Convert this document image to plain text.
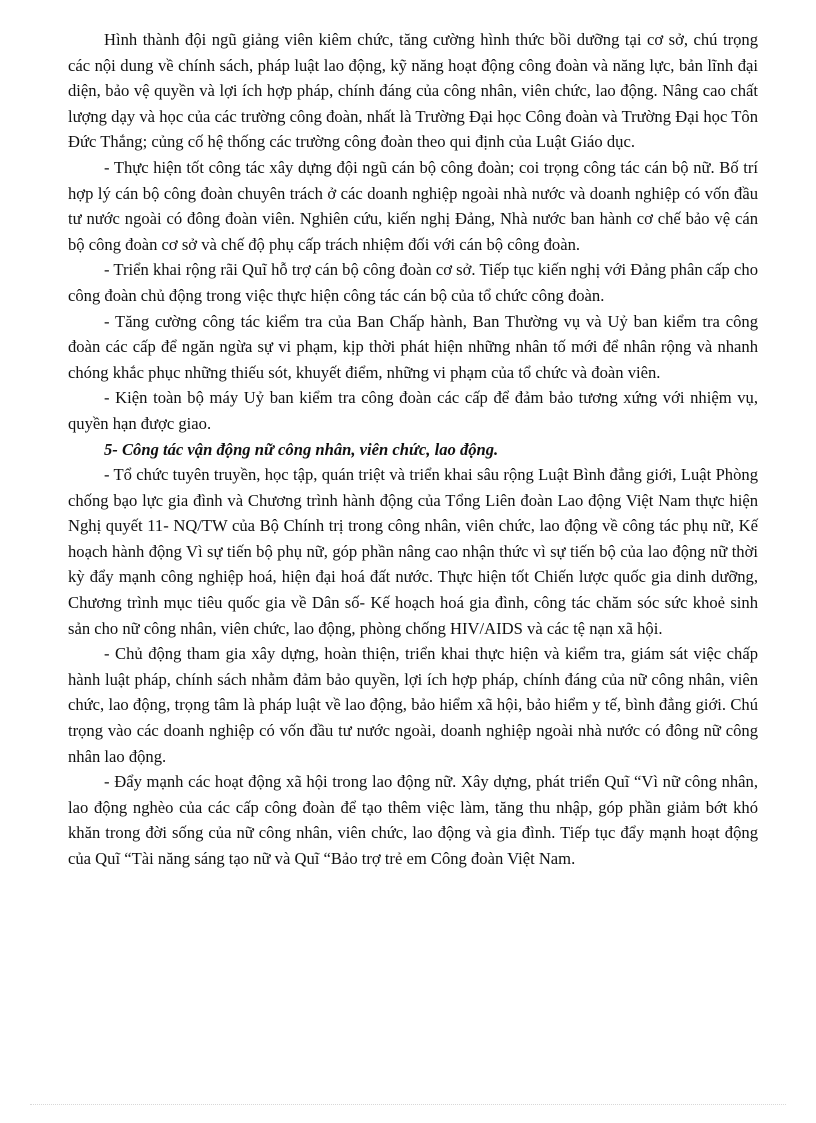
Hình thành đội ngũ giảng viên kiêm chức, tăng cường hình thức bồi dưỡng tại cơ sở, chú trọng các nội dung về chính sách, pháp luật lao động, kỹ năng hoạt động công đoàn và năng lực, bản lĩnh đại diện, bảo vệ quyền và lợi ích hợp pháp, chính đáng của công nhân, viên chức, lao động. Nâng cao chất lượng dạy và học của các trường công đoàn, nhất là Trường Đại học Công đoàn và Trường Đại học Tôn Đức Thắng; củng cố hệ thống các trường công đoàn theo qui định của Luật Giáo dục.

- Thực hiện tốt công tác xây dựng đội ngũ cán bộ công đoàn; coi trọng công tác cán bộ nữ. Bố trí hợp lý cán bộ công đoàn chuyên trách ở các doanh nghiệp ngoài nhà nước và doanh nghiệp có vốn đầu tư nước ngoài có đông đoàn viên. Nghiên cứu, kiến nghị Đảng, Nhà nước ban hành cơ chế bảo vệ cán bộ công đoàn cơ sở và chế độ phụ cấp trách nhiệm đối với cán bộ công đoàn.

- Triển khai rộng rãi Quĩ hỗ trợ cán bộ công đoàn cơ sở. Tiếp tục kiến nghị với Đảng phân cấp cho công đoàn chủ động trong việc thực hiện công tác cán bộ của tổ chức công đoàn.

- Tăng cường công tác kiểm tra của Ban Chấp hành, Ban Thường vụ và Uỷ ban kiểm tra công đoàn các cấp để ngăn ngừa sự vi phạm, kịp thời phát hiện những nhân tố mới để nhân rộng và nhanh chóng khắc phục những thiếu sót, khuyết điểm, những vi phạm của tổ chức và đoàn viên.

- Kiện toàn bộ máy Uỷ ban kiểm tra công đoàn các cấp để đảm bảo tương xứng với nhiệm vụ, quyền hạn được giao.

5- Công tác vận động nữ công nhân, viên chức, lao động.

- Tổ chức tuyên truyền, học tập, quán triệt và triển khai sâu rộng Luật Bình đẳng giới, Luật Phòng chống bạo lực gia đình và Chương trình hành động của Tổng Liên đoàn Lao động Việt Nam thực hiện Nghị quyết 11- NQ/TW của Bộ Chính trị trong công nhân, viên chức, lao động về công tác phụ nữ, Kế hoạch hành động Vì sự tiến bộ phụ nữ, góp phần nâng cao nhận thức vì sự tiến bộ của lao động nữ thời kỳ đẩy mạnh công nghiệp hoá, hiện đại hoá đất nước. Thực hiện tốt Chiến lược quốc gia dinh dưỡng, Chương trình mục tiêu quốc gia về Dân số- Kế hoạch hoá gia đình, công tác chăm sóc sức khoẻ sinh sản cho nữ công nhân, viên chức, lao động, phòng chống HIV/AIDS và các tệ nạn xã hội.

- Chủ động tham gia xây dựng, hoàn thiện, triển khai thực hiện và kiểm tra, giám sát việc chấp hành luật pháp, chính sách nhằm đảm bảo quyền, lợi ích hợp pháp, chính đáng của nữ công nhân, viên chức, lao động, trọng tâm là pháp luật về lao động, bảo hiểm xã hội, bảo hiểm y tế, bình đẳng giới. Chú trọng vào các doanh nghiệp có vốn đầu tư nước ngoài, doanh nghiệp ngoài nhà nước có đông nữ công nhân lao động.

- Đẩy mạnh các hoạt động xã hội trong lao động nữ. Xây dựng, phát triển Quĩ “Vì nữ công nhân, lao động nghèo của các cấp công đoàn để tạo thêm việc làm, tăng thu nhập, góp phần giảm bớt khó khăn trong đời sống của nữ công nhân, viên chức, lao động và gia đình. Tiếp tục đẩy mạnh hoạt động của Quĩ “Tài năng sáng tạo nữ và Quĩ “Bảo trợ trẻ em Công đoàn Việt Nam.
